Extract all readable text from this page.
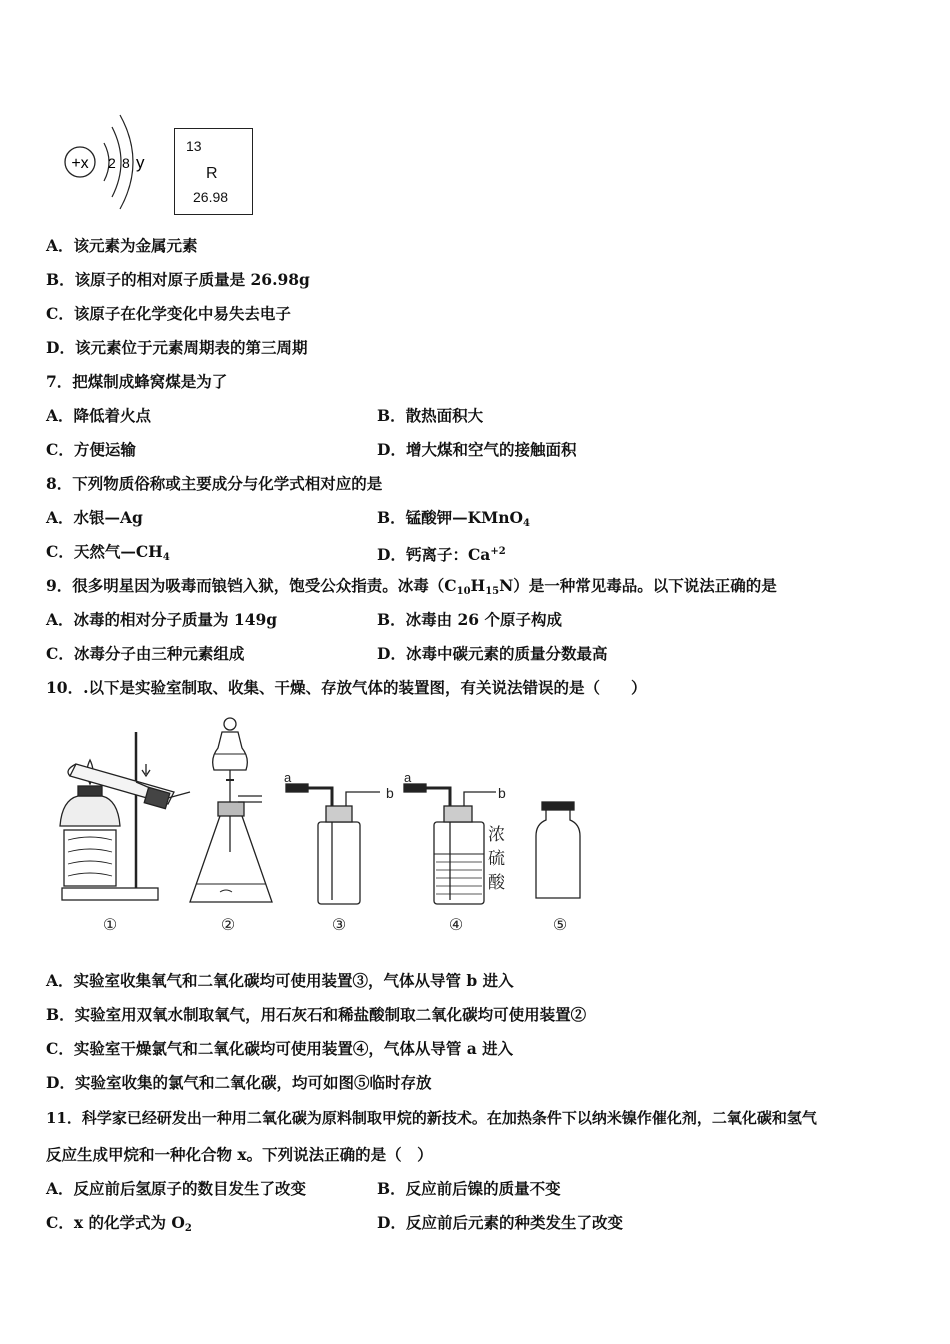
+x 2 8 y
13
R
26.98
A．该元素为金属元素
B．该原子的相对原子质量是 26.98g
C．该原子在化学变化中易失去电子
D．该元素位于元素周期表的第三周期
7．把煤制成蜂窝煤是为了
A．降低着火点	B．散热面积大
C．方便运输	D．增大煤和空气的接触面积
8．下列物质俗称或主要成分与化学式相对应的是
A．水银—Ag	B．锰酸钾—KMnO$_4$
C．天然气$—CH_4$	D．钙离子：$Ca^{+2}$
9．很多明星因为吸毒而锒铛入狱，饱受公众指责。冰毒$(C_{10}H_{15}N)$是一种常见毒品。以下说法正确的是
A．冰毒的相对分子质量为 149g	B．冰毒由 26 个原子构成
C．冰毒分子由三种元素组成	D．冰毒中碳元素的质量分数最高
10．.以下是实验室制取、收集、干燥、存放气体的装置图，有关说法错误的是（　　）
a
b
a
b
浓
硫
酸
①	②	③	④	⑤
A．实验室收集氧气和二氧化碳均可使用装置③，气体从导管 b 进入
B．实验室用双氧水制取氧气，用石灰石和稀盐酸制取二氧化碳均可使用装置②
C．实验室干燥氯气和二氧化碳均可使用装置④，气体从导管 a 进入
D．实验室收集的氯气和二氧化碳，均可如图⑤临时存放
11．科学家已经研发出一种用二氧化碳为原料制取甲烷的新技术。在加热条件下以纳米镍作催化剂，二氧化碳和氢气
反应生成甲烷和一种化合物 x。下列说法正确的是（　）
A．反应前后氢原子的数目发生了改变	B．反应前后镍的质量不变
C．x 的化学式为 $O_2$	D．反应前后元素的种类发生了改变
